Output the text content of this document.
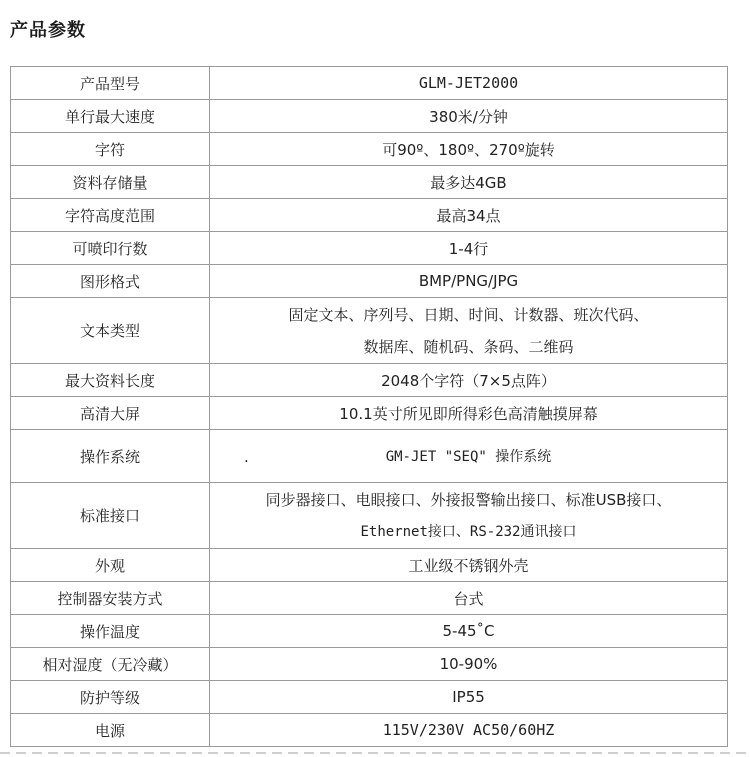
产品参数
产品型号	GLM-JET2000
单行最大速度	380米/分钟
字符	可90º、180º、270º旋转
资料存储量	最多达4GB
字符高度范围	最高34点
可喷印行数	1-4行
图形格式	BMP/PNG/JPG
文本类型	固定文本、序列号、日期、时间、计数器、班次代码、
数据库、随机码、条码、二维码

最大资料长度	2048个字符（7×5点阵）
高清大屏	10.1英寸所见即所得彩色高清触摸屏幕
操作系统	. GM-JET "SEQ" 操作系统
标准接口	同步器接口、电眼接口、外接报警输出接口、标准USB接口、
Ethernet接口、RS-232通讯接口

外观	工业级不锈钢外壳
控制器安装方式	台式
操作温度	5-45˚C
相对湿度（无冷藏）	10-90%
防护等级	IP55
电源	115V/230V AC50/60HZ
